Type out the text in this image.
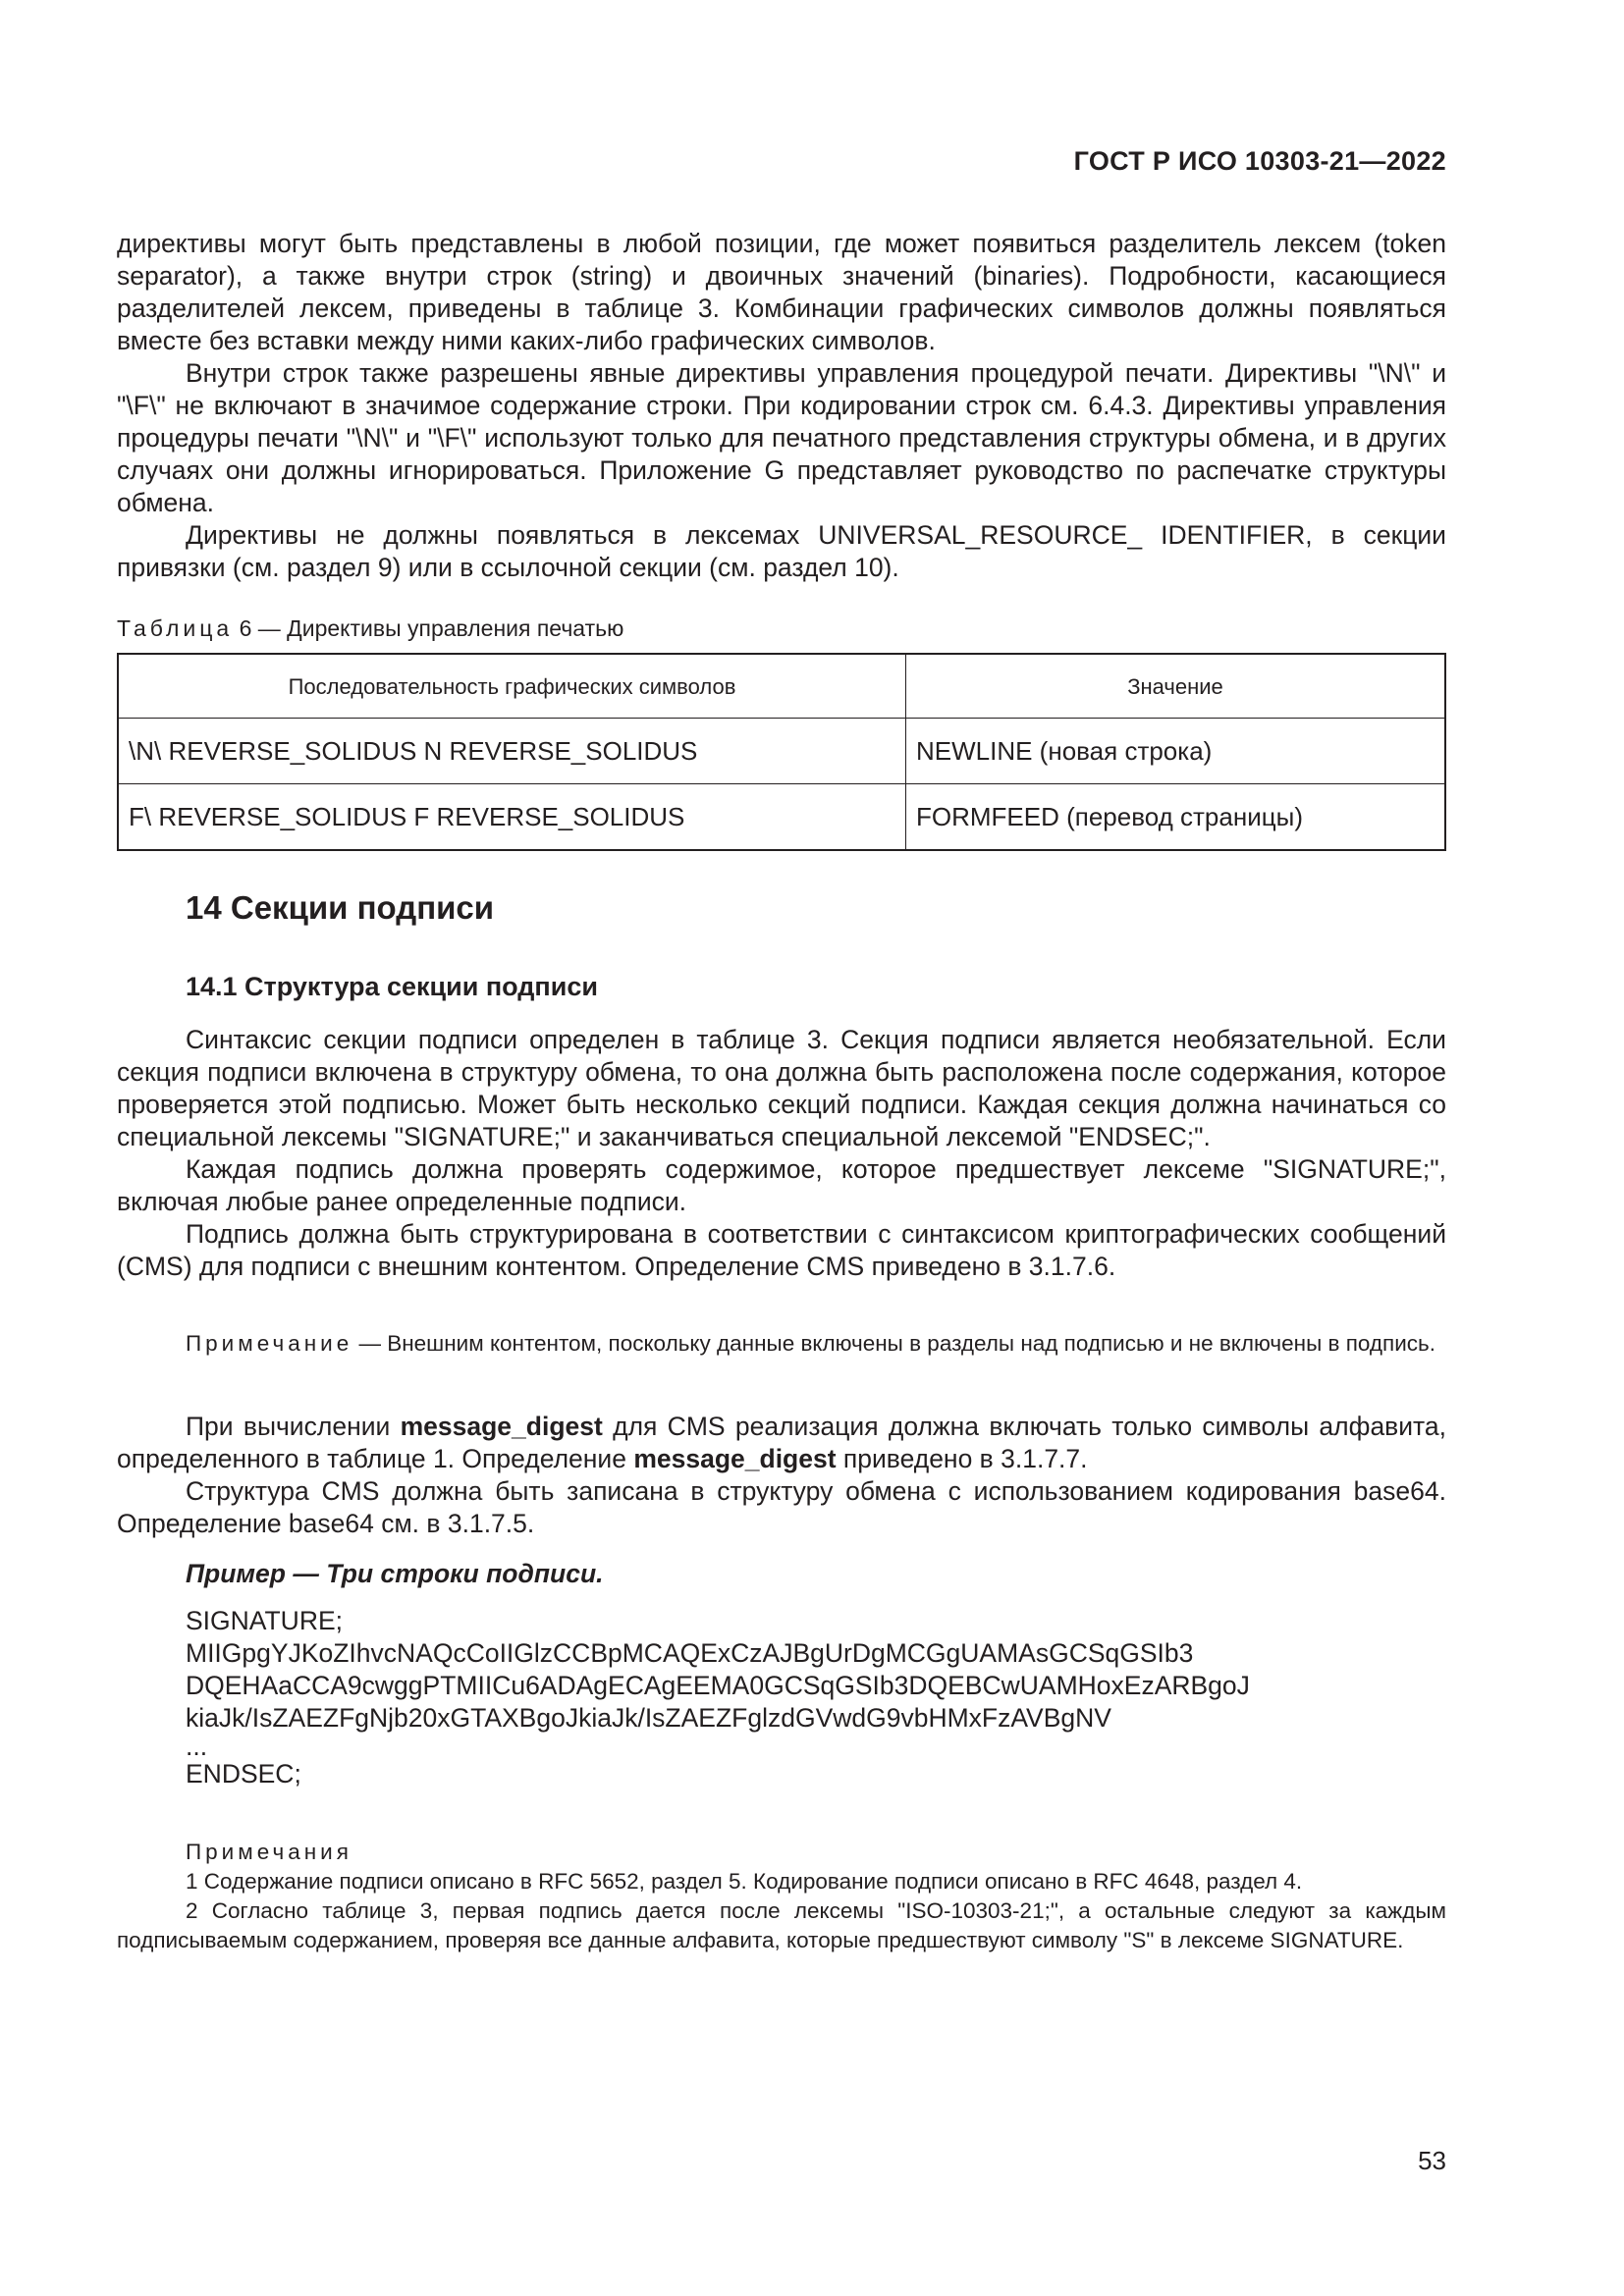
ГОСТ Р ИСО 10303-21—2022

директивы могут быть представлены в любой позиции, где может появиться разделитель лексем (token separator), а также внутри строк (string) и двоичных значений (binaries). Подробности, касающиеся разделителей лексем, приведены в таблице 3. Комбинации графических символов должны появляться вместе без вставки между ними каких-либо графических символов.

Внутри строк также разрешены явные директивы управления процедурой печати. Директивы "\N\" и "\F\" не включают в значимое содержание строки. При кодировании строк см. 6.4.3. Директивы управления процедуры печати "\N\" и "\F\" используют только для печатного представления структуры обмена, и в других случаях они должны игнорироваться. Приложение G представляет руководство по распечатке структуры обмена.

Директивы не должны появляться в лексемах UNIVERSAL_RESOURCE_ IDENTIFIER, в секции привязки (см. раздел 9) или в ссылочной секции (см. раздел 10).

Таблица 6 — Директивы управления печатью
Последовательность графических символов	Значение
\N\ REVERSE_SOLIDUS N REVERSE_SOLIDUS	NEWLINE (новая строка)
F\ REVERSE_SOLIDUS F REVERSE_SOLIDUS	FORMFEED (перевод страницы)
14 Секции подписи
14.1 Структура секции подписи

Синтаксис секции подписи определен в таблице 3. Секция подписи является необязательной. Если секция подписи включена в структуру обмена, то она должна быть расположена после содержания, которое проверяется этой подписью. Может быть несколько секций подписи. Каждая секция должна начинаться со специальной лексемы "SIGNATURE;" и заканчиваться специальной лексемой "ENDSEC;".

Каждая подпись должна проверять содержимое, которое предшествует лексеме "SIGNATURE;", включая любые ранее определенные подписи.

Подпись должна быть структурирована в соответствии с синтаксисом криптографических сообщений (CMS) для подписи с внешним контентом. Определение CMS приведено в 3.1.7.6.

Примечание — Внешним контентом, поскольку данные включены в разделы над подписью и не включены в подпись.

При вычислении message_digest для CMS реализация должна включать только символы алфавита, определенного в таблице 1. Определение message_digest приведено в 3.1.7.7.

Структура CMS должна быть записана в структуру обмена с использованием кодирования base64. Определение base64 см. в 3.1.7.5.

Пример — Три строки подписи.
SIGNATURE;
MIIGpgYJKoZIhvcNAQcCoIIGlzCCBpMCAQExCzAJBgUrDgMCGgUAMAsGCSqGSIb3
DQEHAaCCA9cwggPTMIICu6ADAgECAgEEMA0GCSqGSIb3DQEBCwUAMHoxEzARBgoJ
kiaJk/IsZAEZFgNjb20xGTAXBgoJkiaJk/IsZAEZFglzdGVwdG9vbHMxFzAVBgNV
...
ENDSEC;

Примечания

1 Содержание подписи описано в RFC 5652, раздел 5. Кодирование подписи описано в RFC 4648, раздел 4.

2 Согласно таблице 3, первая подпись дается после лексемы "ISO-10303-21;", а остальные следуют за каждым подписываемым содержанием, проверяя все данные алфавита, которые предшествуют символу "S" в лексеме SIGNATURE.

53
